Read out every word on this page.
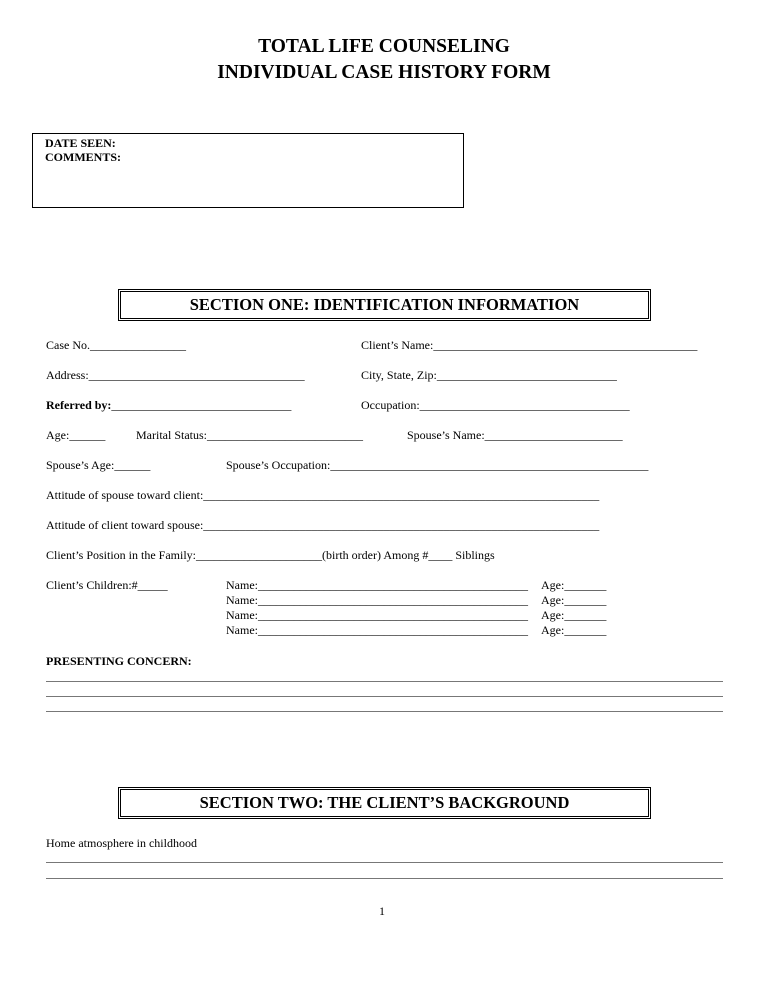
TOTAL LIFE COUNSELING
INDIVIDUAL CASE HISTORY FORM
DATE SEEN:
COMMENTS:
SECTION ONE: IDENTIFICATION INFORMATION
Case No.________________	Client’s Name:____________________________________________
Address:____________________________________	City, State, Zip:______________________________
Referred by:______________________________	Occupation:___________________________________
Age:______	Marital Status:__________________________	Spouse’s Name:_______________________
Spouse’s Age:______	Spouse’s Occupation:_____________________________________________________
Attitude of spouse toward client:__________________________________________________________________
Attitude of client toward spouse:__________________________________________________________________
Client’s Position in the Family:_____________________(birth order) Among #____ Siblings
Client’s Children:#_____	Name:_____________________________________________ Age:_______
Name:_____________________________________________ Age:_______
Name:_____________________________________________ Age:_______
Name:_____________________________________________ Age:_______
PRESENTING CONCERN:
SECTION TWO: THE CLIENT’S BACKGROUND
Home atmosphere in childhood
1
